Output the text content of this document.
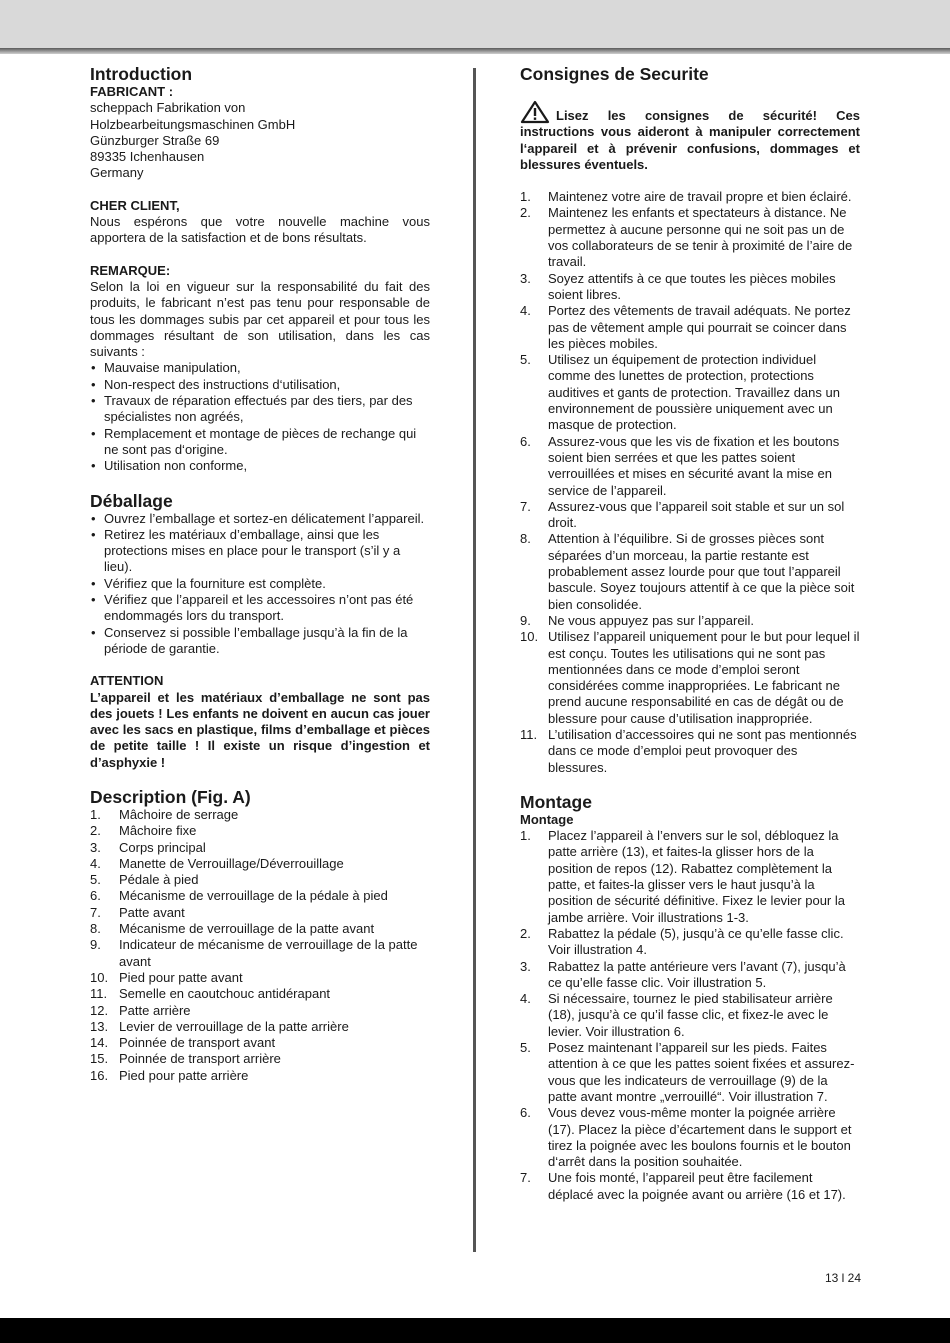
Introduction
FABRICANT :
scheppach Fabrikation von
Holzbearbeitungsmaschinen GmbH
Günzburger Straße 69
89335 Ichenhausen
Germany
CHER CLIENT,
Nous espérons que votre nouvelle machine vous apportera de la satisfaction et de bons résultats.
REMARQUE:
Selon la loi en vigueur sur la responsabilité du fait des produits, le fabricant n’est pas tenu pour responsable de tous les dommages subis par cet appareil et pour tous les dommages résultant de son utilisation, dans les cas suivants :
• Mauvaise manipulation,
• Non-respect des instructions d‘utilisation,
• Travaux de réparation effectués par des tiers, par des spécialistes non agréés,
• Remplacement et montage de pièces de rechange qui ne sont pas d‘origine.
• Utilisation non conforme,
Déballage
• Ouvrez l’emballage et sortez-en délicatement l’appareil.
• Retirez les matériaux d’emballage, ainsi que les protections mises en place pour le transport (s’il y a lieu).
• Vérifiez que la fourniture est complète.
• Vérifiez que l’appareil et les accessoires n’ont pas été endommagés lors du transport.
• Conservez si possible l’emballage jusqu’à la fin de la période de garantie.
ATTENTION
L’appareil et les matériaux d’emballage ne sont pas des jouets ! Les enfants ne doivent en aucun cas jouer avec les sacs en plastique, films d’emballage et pièces de petite taille ! Il existe un risque d’ingestion et d’asphyxie !
Description (Fig. A)
1. Mâchoire de serrage
2. Mâchoire fixe
3. Corps principal
4. Manette de Verrouillage/Déverrouillage
5. Pédale à pied
6. Mécanisme de verrouillage de la pédale à pied
7. Patte avant
8. Mécanisme de verrouillage de la patte avant
9. Indicateur de mécanisme de verrouillage de la patte avant
10. Pied pour patte avant
11. Semelle en caoutchouc antidérapant
12. Patte arrière
13. Levier de verrouillage de la patte arrière
14. Poinnée de transport avant
15. Poinnée de transport arrière
16. Pied pour patte arrière
Consignes de Securite
Lisez les consignes de sécurité! Ces instructions vous aideront à manipuler correctement l‘appareil et à prévenir confusions, dommages et blessures éventuels.
1. Maintenez votre aire de travail propre et bien éclairé.
2. Maintenez les enfants et spectateurs à distance. Ne permettez à aucune personne qui ne soit pas un de vos collaborateurs de se tenir à proximité de l’aire de travail.
3. Soyez attentifs à ce que toutes les pièces mobiles soient libres.
4. Portez des vêtements de travail adéquats. Ne portez pas de vêtement ample qui pourrait se coincer dans les pièces mobiles.
5. Utilisez un équipement de protection individuel comme des lunettes de protection, protections auditives et gants de protection. Travaillez dans un environnement de poussière uniquement avec un masque de protection.
6. Assurez-vous que les vis de fixation et les boutons soient bien serrées et que les pattes soient verrouillées et mises en sécurité avant la mise en service de l’appareil.
7. Assurez-vous que l’appareil soit stable et sur un sol droit.
8. Attention à l’équilibre. Si de grosses pièces sont séparées d’un morceau, la partie restante est probablement assez lourde pour que tout l’appareil bascule. Soyez toujours attentif à ce que la pièce soit bien consolidée.
9. Ne vous appuyez pas sur l’appareil.
10. Utilisez l’appareil uniquement pour le but pour lequel il est conçu. Toutes les utilisations qui ne sont pas mentionnées dans ce mode d’emploi seront considérées comme inappropriées. Le fabricant ne prend aucune responsabilité en cas de dégât ou de blessure pour cause d’utilisation inappropriée.
11. L’utilisation d’accessoires qui ne sont pas mentionnés dans ce mode d’emploi peut provoquer des blessures.
Montage
Montage
1. Placez l’appareil à l’envers sur le sol, débloquez la patte arrière (13), et faites-la glisser hors de la position de repos (12). Rabattez complètement la patte, et faites-la glisser vers le haut jusqu’à la position de sécurité définitive. Fixez le levier pour la jambe arrière. Voir illustrations 1-3.
2. Rabattez la pédale (5), jusqu’à ce qu’elle fasse clic. Voir illustration 4.
3. Rabattez la patte antérieure vers l’avant (7), jusqu’à ce qu’elle fasse clic. Voir illustration 5.
4. Si nécessaire, tournez le pied stabilisateur arrière (18), jusqu’à ce qu’il fasse clic, et fixez-le avec le levier. Voir illustration 6.
5. Posez maintenant l’appareil sur les pieds. Faites attention à ce que les pattes soient fixées et assurez-vous que les indicateurs de verrouillage (9) de la patte avant montre „verrouillé“. Voir illustration 7.
6. Vous devez vous-même monter la poignée arrière (17). Placez la pièce d’écartement dans le support et tirez la poignée avec les boulons fournis et le bouton d‘arrêt dans la position souhaitée.
7. Une fois monté, l’appareil peut être facilement déplacé avec la poignée avant ou arrière (16 et 17).
13 l 24
